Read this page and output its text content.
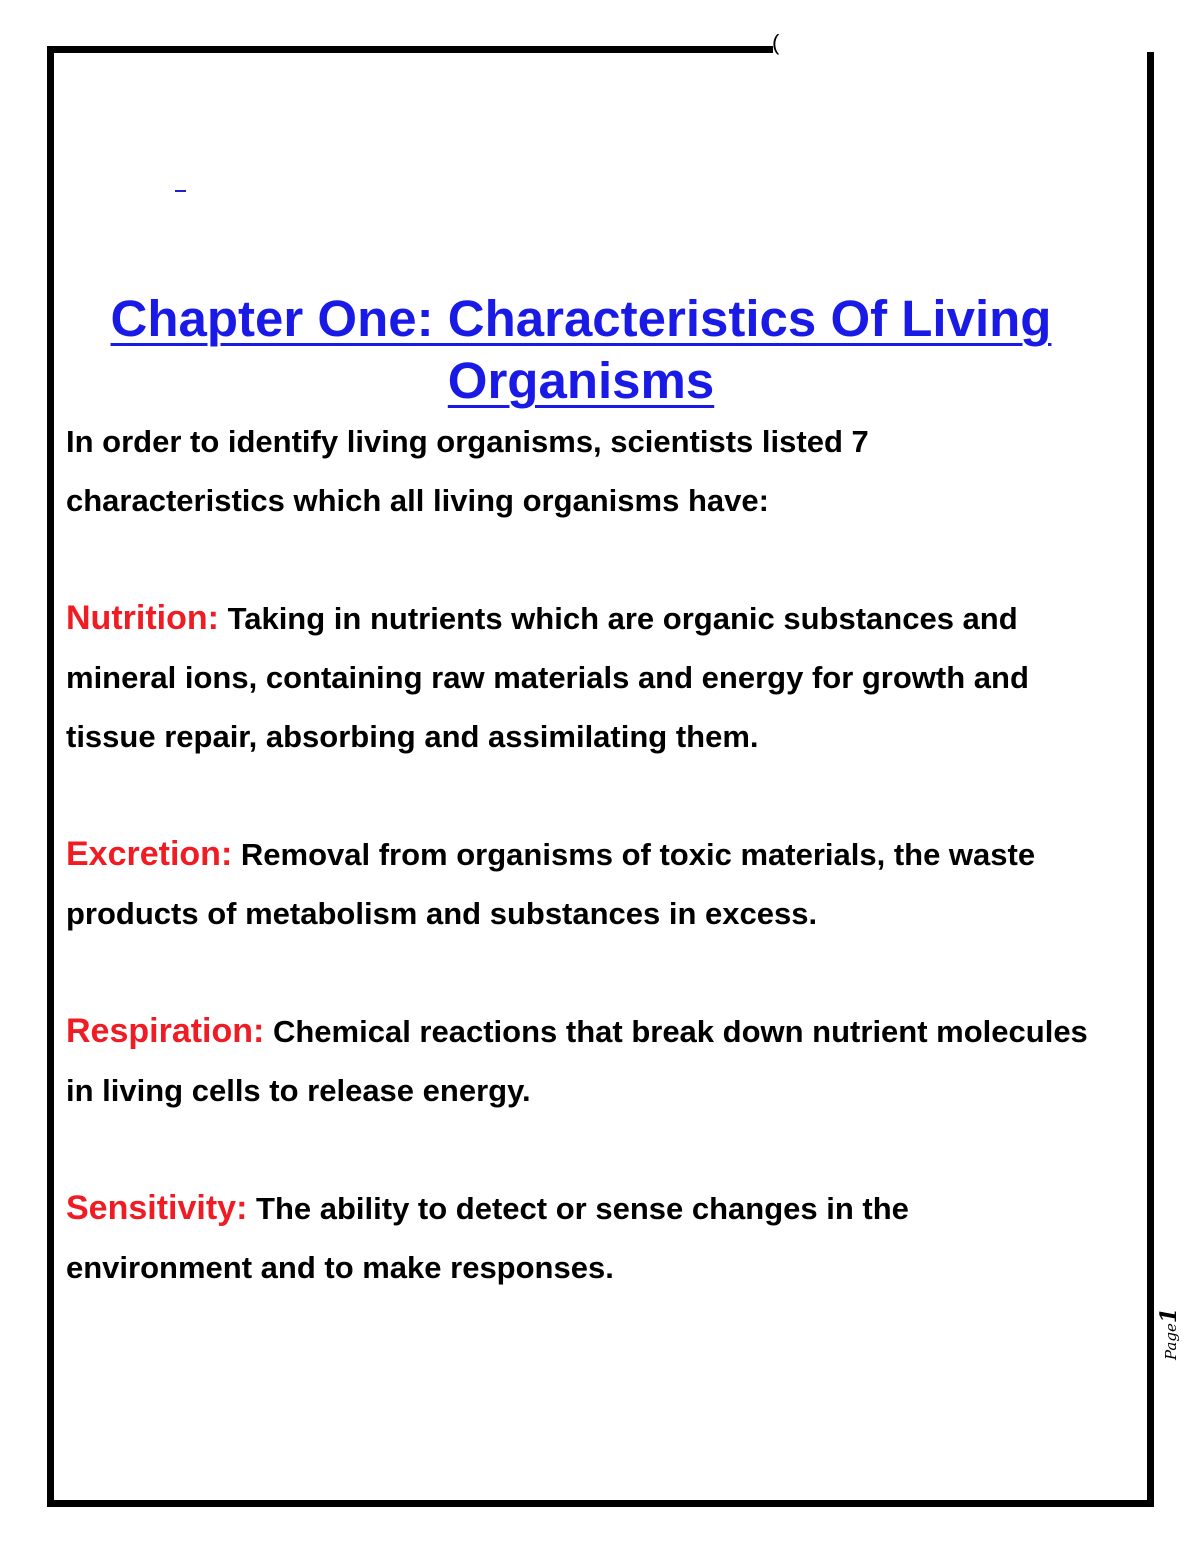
(
Chapter One: Characteristics Of Living Organisms

In order to identify living organisms, scientists listed 7 characteristics which all living organisms have:

Nutrition: Taking in nutrients which are organic substances and mineral ions, containing raw materials and energy for growth and tissue repair, absorbing and assimilating them.

Excretion: Removal from organisms of toxic materials, the waste products of metabolism and substances in excess.

Respiration: Chemical reactions that break down nutrient molecules in living cells to release energy.

Sensitivity: The ability to detect or sense changes in the environment and to make responses.

Page1
